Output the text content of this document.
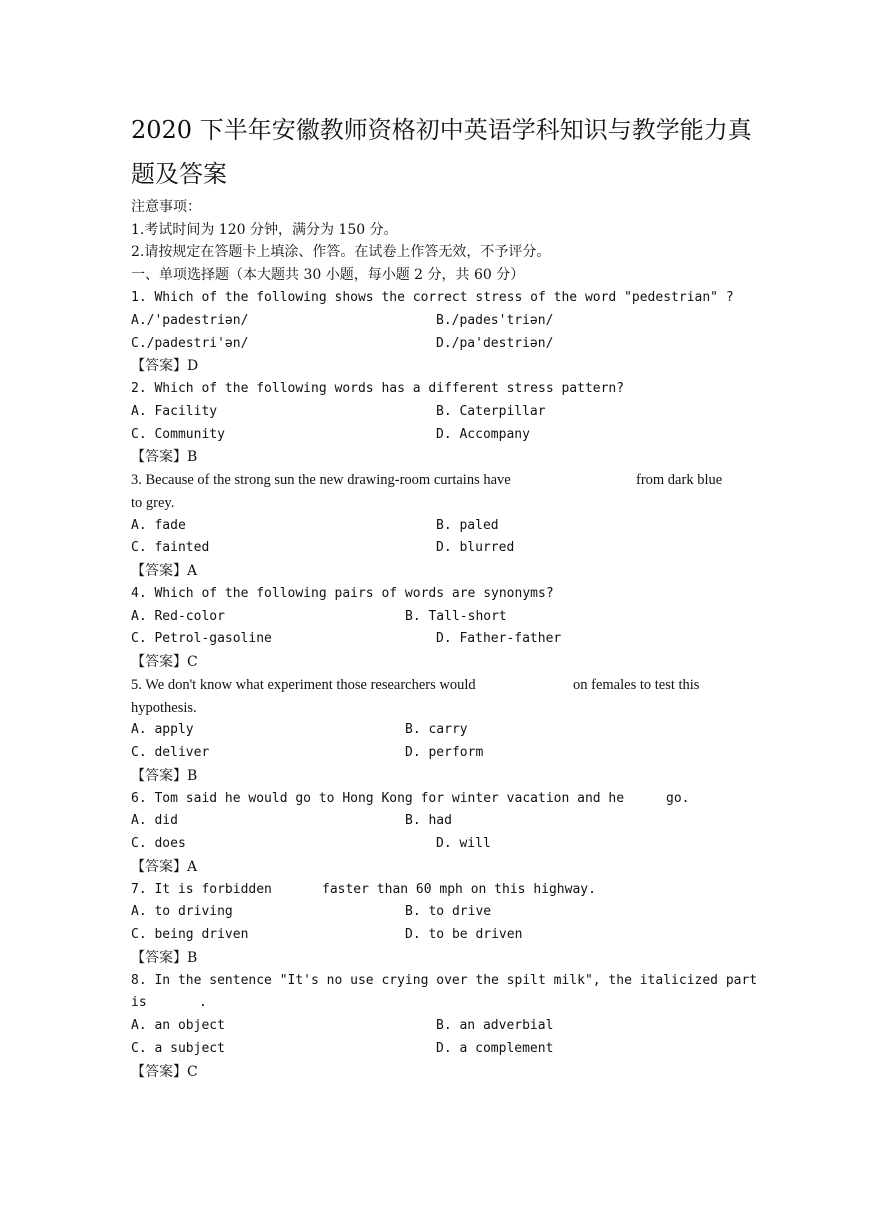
2020 下半年安徽教师资格初中英语学科知识与教学能力真
题及答案
注意事项：
1.考试时间为 120 分钟，满分为 150 分。
2.请按规定在答题卡上填涂、作答。在试卷上作答无效，不予评分。
一、单项选择题（本大题共 30 小题，每小题 2 分，共 60 分）
1. Which of the following shows the correct stress of the word "pedestrian" ?
A./'padestriən/	B./pades'triən/
C./padestri'ən/	D./pa'destriən/
【答案】D
2. Which of the following words has a different stress pattern?
A. Facility	B. Caterpillar
C. Community	D. Accompany
【答案】B
3. Because of the strong sun the new drawing-room curtains have	from dark blue
to grey.
A. fade	B. paled
C. fainted	D. blurred
【答案】A
4. Which of the following pairs of words are synonyms?
A. Red-color	B. Tall-short
C. Petrol-gasoline	D. Father-father
【答案】C
5. We don't know what experiment those researchers would	on females to test this
hypothesis.
A. apply	B. carry
C. deliver	D. perform
【答案】B
6. Tom said he would go to Hong Kong for winter vacation and he	go.
A. did	B. had
C. does	D. will
【答案】A
7. It is forbidden	faster than 60 mph on this highway.
A. to driving	B. to drive
C. being driven	D. to be driven
【答案】B
8. In the sentence "It's no use crying over the spilt milk", the italicized part
is	.
A. an object	B. an adverbial
C. a subject	D. a complement
【答案】C
